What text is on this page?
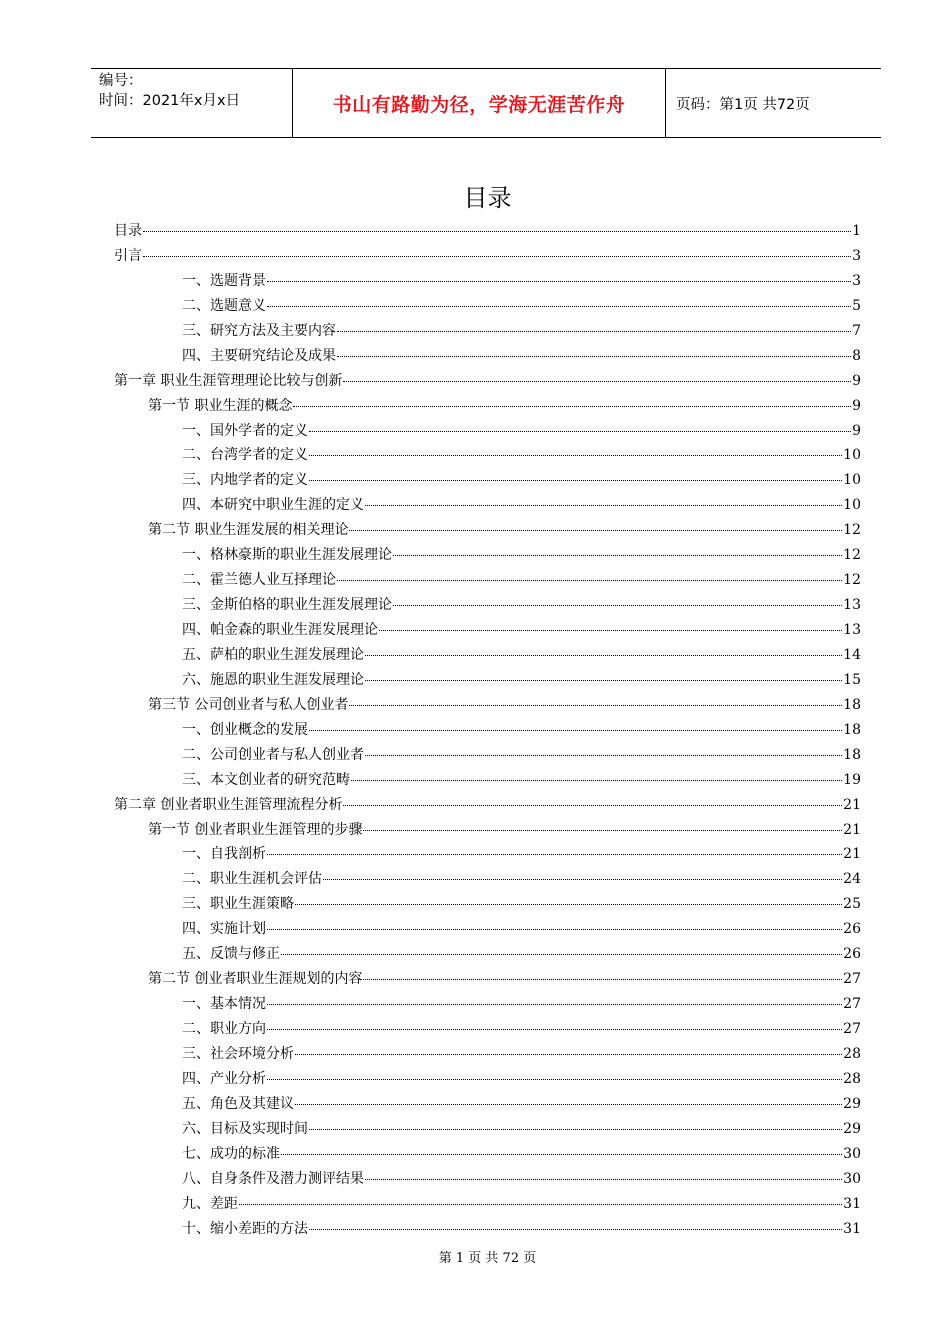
编号：
时间：2021年x月x日	书山有路勤为径，学海无涯苦作舟	页码：第1页 共72页
目录
目录	1
引言	3
一、选题背景	3
二、选题意义	5
三、研究方法及主要内容	7
四、主要研究结论及成果	8
第一章 职业生涯管理理论比较与创新	9
第一节 职业生涯的概念	9
一、国外学者的定义	9
二、台湾学者的定义	10
三、内地学者的定义	10
四、本研究中职业生涯的定义	10
第二节 职业生涯发展的相关理论	12
一、格林豪斯的职业生涯发展理论	12
二、霍兰德人业互择理论	12
三、金斯伯格的职业生涯发展理论	13
四、帕金森的职业生涯发展理论	13
五、萨柏的职业生涯发展理论	14
六、施恩的职业生涯发展理论	15
第三节 公司创业者与私人创业者	18
一、创业概念的发展	18
二、公司创业者与私人创业者	18
三、本文创业者的研究范畴	19
第二章 创业者职业生涯管理流程分析	21
第一节 创业者职业生涯管理的步骤	21
一、自我剖析	21
二、职业生涯机会评估	24
三、职业生涯策略	25
四、实施计划	26
五、反馈与修正	26
第二节 创业者职业生涯规划的内容	27
一、基本情况	27
二、职业方向	27
三、社会环境分析	28
四、产业分析	28
五、角色及其建议	29
六、目标及实现时间	29
七、成功的标准	30
八、自身条件及潜力测评结果	30
九、差距	31
十、缩小差距的方法	31
第 1 页 共 72 页
